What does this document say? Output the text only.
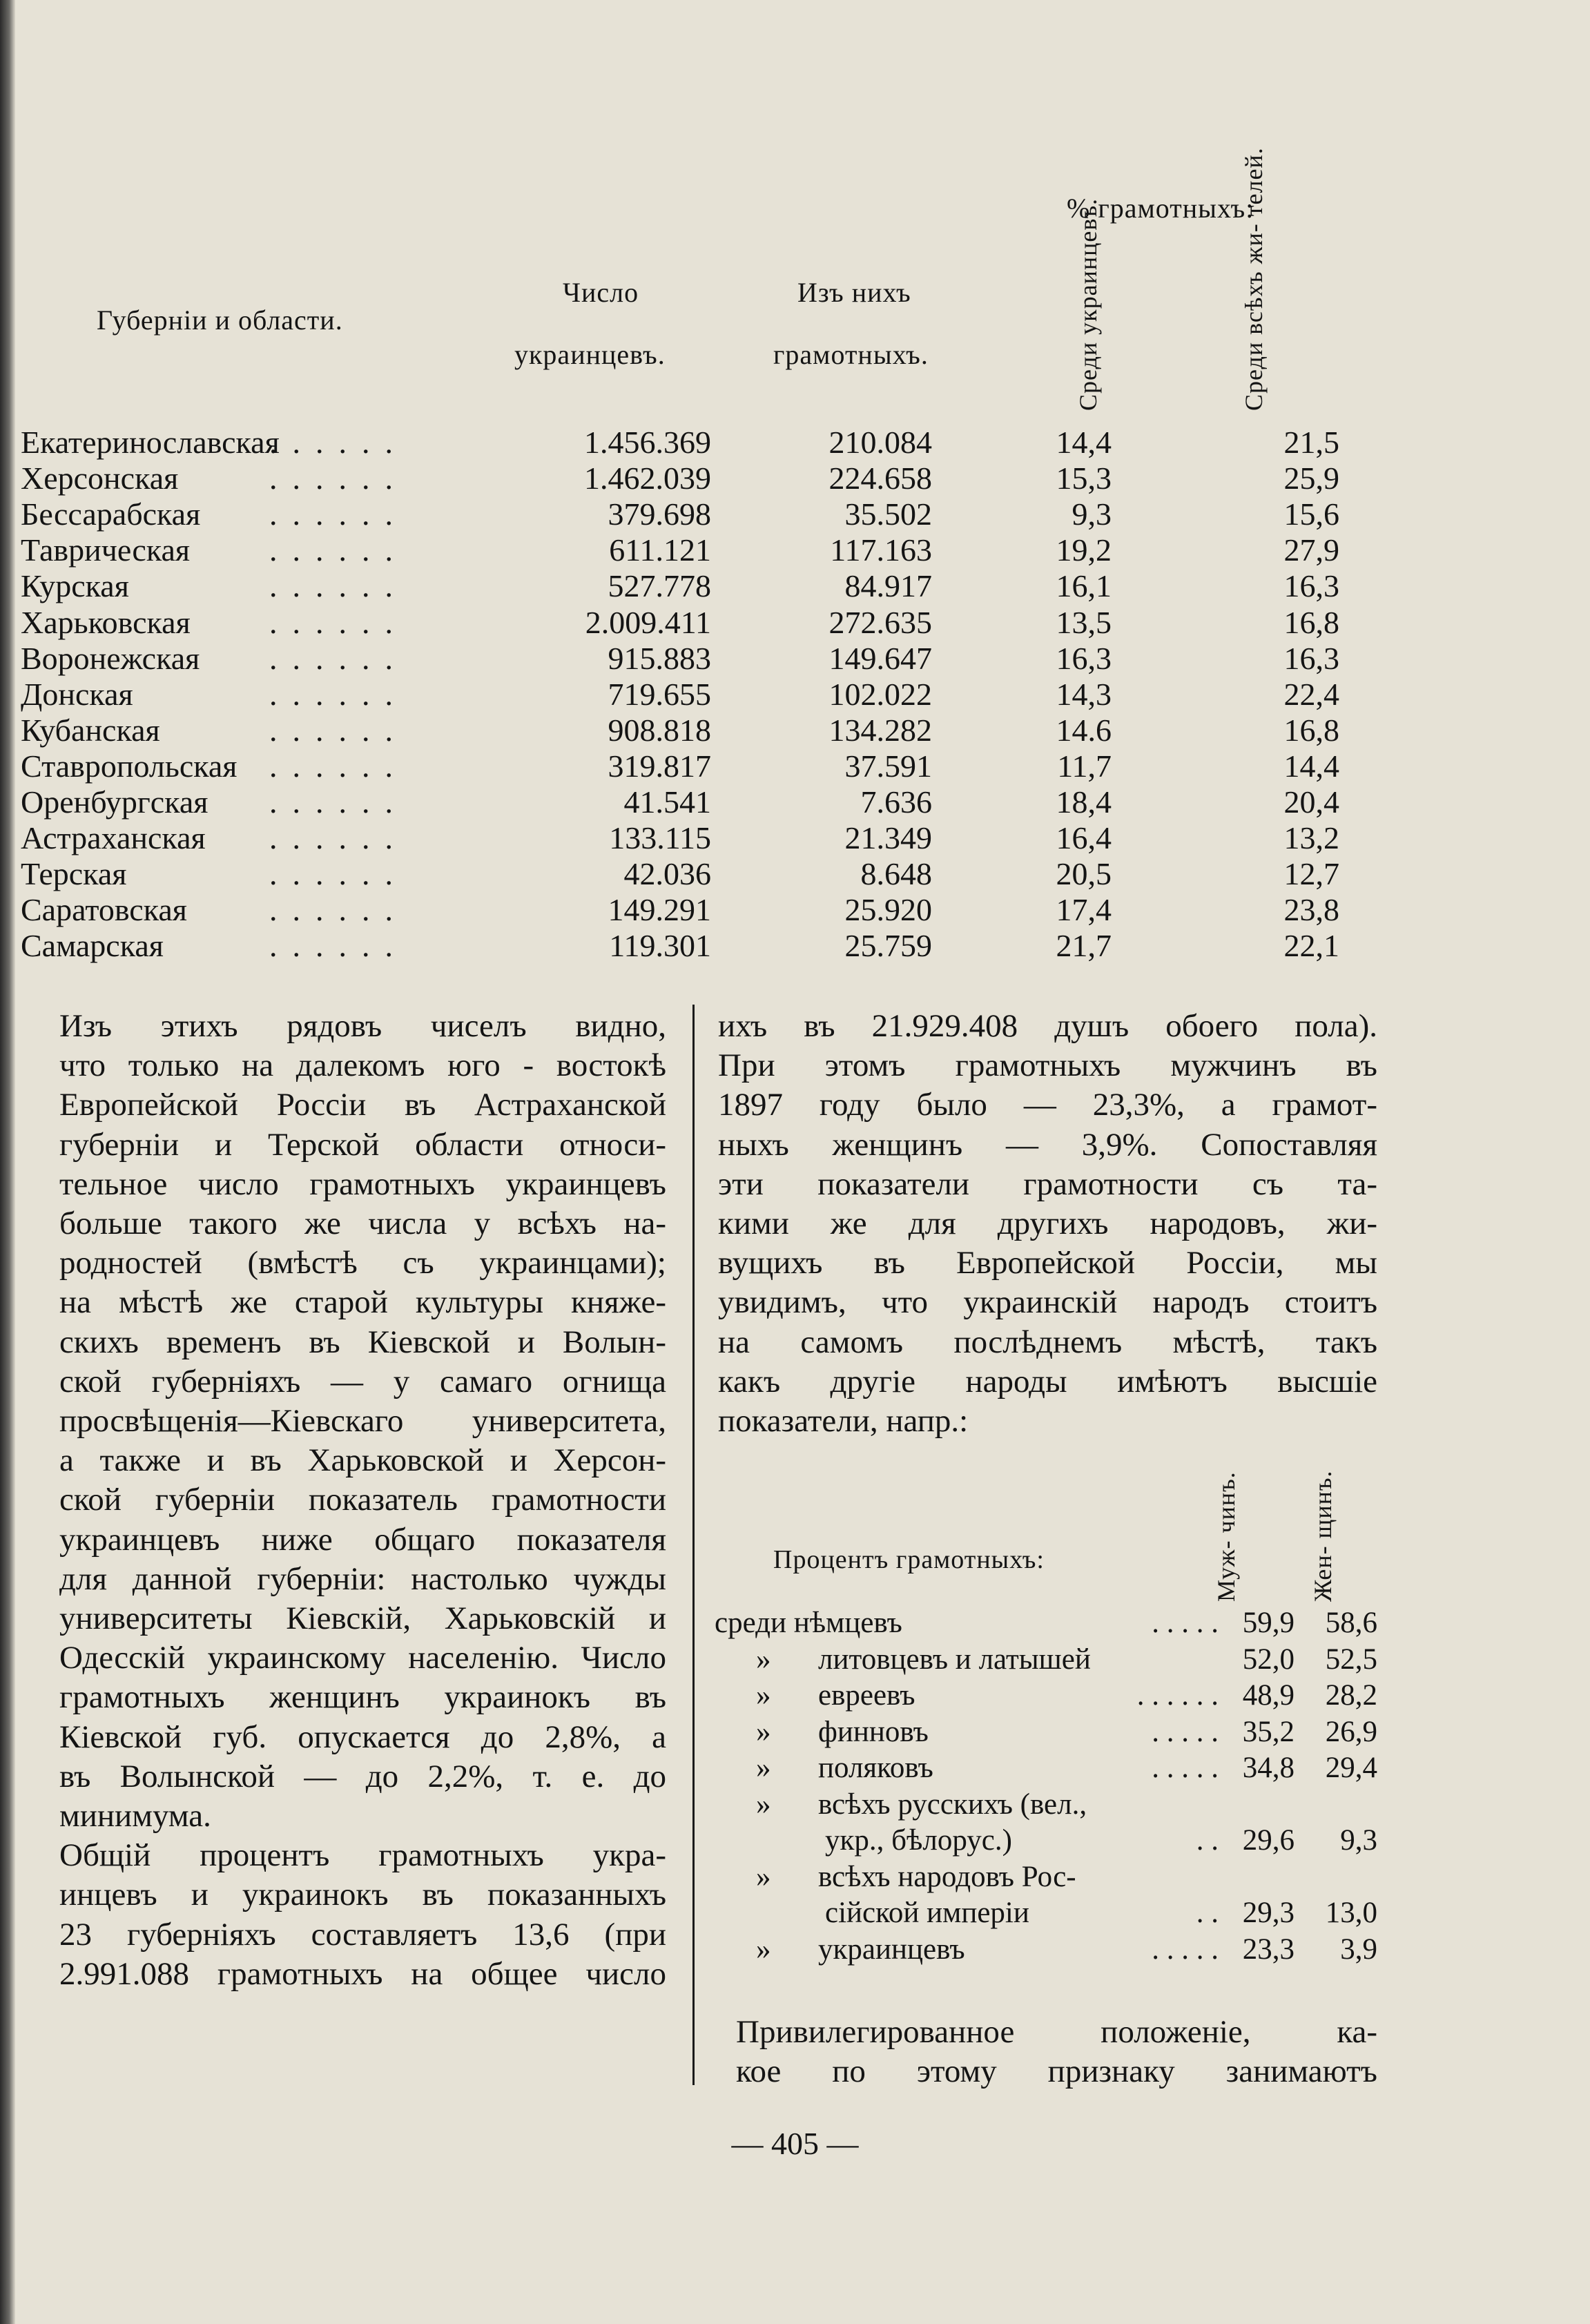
% грамотныхъ:
Губерніи и области.
Число
украинцевъ.
Изъ нихъ
грамотныхъ.	Среди украинцевъ.	Среди всѣхъ жи- телей.
Екатеринославская	1.456.369	210.084	14,4	21,5
......
Херсонская	1.462.039	224.658	15,3	25,9
......
Бессарабская	379.698	35.502	9,3	15,6
......
Таврическая	611.121	117.163	19,2	27,9
......
Курская	527.778	84.917	16,1	16,3
......
Харьковская	2.009.411	272.635	13,5	16,8
......
Воронежская	915.883	149.647	16,3	16,3
......
Донская	719.655	102.022	14,3	22,4
......
Кубанская	908.818	134.282	14.6	16,8
......
Ставропольская	319.817	37.591	11,7	14,4
......
Оренбургская	41.541	7.636	18,4	20,4
......
Астраханская	133.115	21.349	16,4	13,2
......
Терская	42.036	8.648	20,5	12,7
......
Саратовская	149.291	25.920	17,4	23,8
......
Самарская	119.301	25.759	21,7	22,1
......

Изъ этихъ рядовъ чиселъ видно,
что только на далекомъ юго - востокѣ
Европейской Россіи въ Астраханской
губерніи и Терской области относи-
тельное число грамотныхъ украинцевъ
больше такого же числа у всѣхъ на-
родностей (вмѣстѣ съ украинцами);
на мѣстѣ же старой культуры княже-
скихъ временъ въ Кіевской и Волын-
ской губерніяхъ — у самаго огнища
просвѣщенія—Кіевскаго университета,
а также и въ Харьковской и Херсон-
ской губерніи показатель грамотности
украинцевъ ниже общаго показателя
для данной губерніи: настолько чужды
университеты Кіевскій, Харьковскій и
Одесскій украинскому населенію. Число
грамотныхъ женщинъ украинокъ въ
Кіевской губ. опускается до 2,8%, а
въ Волынской — до 2,2%, т. е. до
минимума.

Общій процентъ грамотныхъ укра-
инцевъ и украинокъ въ показанныхъ
23 губерніяхъ составляетъ 13,6 (при
2.991.088 грамотныхъ на общее число

ихъ въ 21.929.408 душъ обоего пола).
При этомъ грамотныхъ мужчинъ въ
1897 году было — 23,3%, а грамот-
ныхъ женщинъ — 3,9%. Сопоставляя
эти показатели грамотности съ та-
кими же для другихъ народовъ, жи-
вущихъ въ Европейской Россіи, мы
увидимъ, что украинскій народъ стоитъ
на самомъ послѣднемъ мѣстѣ, такъ
какъ другіе народы имѣютъ высшіе
показатели, напр.:

Процентъ грамотныхъ:	Муж- чинъ.	Жен- щинъ.
среди нѣмцевъ	. . . . . 59,9 58,6
» литовцевъ и латышей	52,0 52,5
» евреевъ	. . . . . . 48,9 28,2
» финновъ	. . . . . 35,2 26,9
» поляковъ	. . . . . 34,8 29,4
» всѣхъ русскихъ (вел.,
укр., бѣлорус.)	. . 29,6 9,3
» всѣхъ народовъ Рос-
сійской имперіи	. . 29,3 13,0
» украинцевъ	. . . . . 23,3 3,9

Привилегированное положеніе, ка-
кое по этому признаку занимаютъ

— 405 —
